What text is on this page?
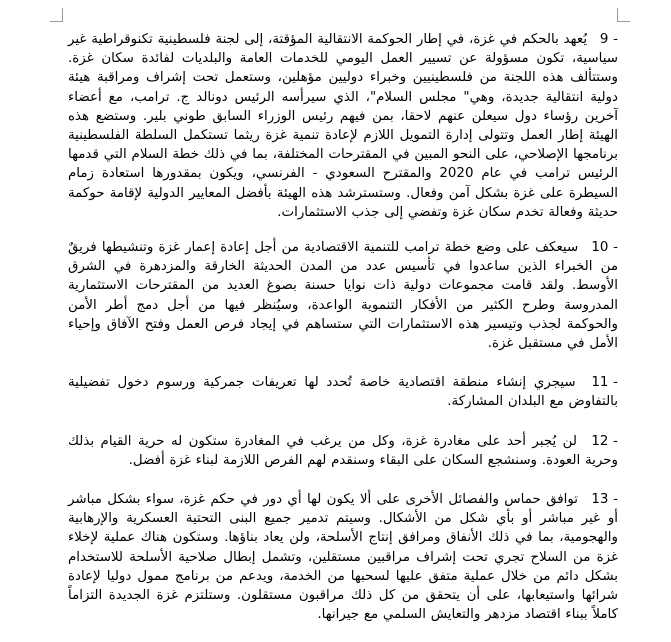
9 - يُعهد بالحكم في غزة، في إطار الحوكمة الانتقالية المؤقتة، إلى لجنة فلسطينية تكنوقراطية غير سياسية، تكون مسؤولة عن تسيير العمل اليومي للخدمات العامة والبلديات لفائدة سكان غزة. وستتألف هذه اللجنة من فلسطينيين وخبراء دوليين مؤهلين، وستعمل تحت إشراف ومراقبة هيئة دولية انتقالية جديدة، وهي" مجلس السلام"، الذي سيرأسه الرئيس دونالد ج. ترامب، مع أعضاء آخرين رؤساء دول سيعلن عنهم لاحقا، بمن فيهم رئيس الوزراء السابق طوني بلير. وستضع هذه الهيئة إطار العمل وتتولى إدارة التمويل اللازم لإعادة تنمية غزة ريثما تستكمل السلطة الفلسطينية برنامجها الإصلاحي، على النحو المبين في المقترحات المختلفة، بما في ذلك خطة السلام التي قدمها الرئيس ترامب في عام 2020 والمقترح السعودي - الفرنسي، ويكون بمقدورها استعادة زمام السيطرة على غزة بشكل آمن وفعال. وستسترشد هذه الهيئة بأفضل المعايير الدولية لإقامة حوكمة حديثة وفعالة تخدم سكان غزة وتفضي إلى جذب الاستثمارات.

10 - سيعكف على وضع خطة ترامب للتنمية الاقتصادية من أجل إعادة إعمار غزة وتنشيطها فريقٌ من الخبراء الذين ساعدوا في تأسيس عدد من المدن الحديثة الخارقة والمزدهرة في الشرق الأوسط. ولقد قامت مجموعات دولية ذات نوايا حسنة بصوغ العديد من المقترحات الاستثمارية المدروسة وطرح الكثير من الأفكار التنموية الواعدة، وسيُنظر فيها من أجل دمج أطر الأمن والحوكمة لجذب وتيسير هذه الاستثمارات التي ستساهم في إيجاد فرص العمل وفتح الآفاق وإحياء الأمل في مستقبل غزة.

11 - سيجري إنشاء منطقة اقتصادية خاصة تُحدد لها تعريفات جمركية ورسوم دخول تفضيلية بالتفاوض مع البلدان المشاركة.

12 - لن يُجبر أحد على مغادرة غزة، وكل من يرغب في المغادرة ستكون له حرية القيام بذلك وحرية العودة. وسنشجع السكان على البقاء وسنقدم لهم الفرص اللازمة لبناء غزة أفضل.

13 - توافق حماس والفصائل الأخرى على ألا يكون لها أي دور في حكم غزة، سواء بشكل مباشر أو غير مباشر أو بأي شكل من الأشكال. وسيتم تدمير جميع البنى التحتية العسكرية والإرهابية والهجومية، بما في ذلك الأنفاق ومرافق إنتاج الأسلحة، ولن يعاد بناؤها. وستكون هناك عملية لإخلاء غزة من السلاح تجري تحت إشراف مراقبين مستقلين، وتشمل إبطال صلاحية الأسلحة للاستخدام بشكل دائم من خلال عملية متفق عليها لسحبها من الخدمة، ويدعم من برنامج ممول دوليا لإعادة شرائها واستيعابها، على أن يتحقق من كل ذلك مراقبون مستقلون. وستلتزم غزة الجديدة التزاماً كاملاً ببناء اقتصاد مزدهر والتعايش السلمي مع جيرانها.
